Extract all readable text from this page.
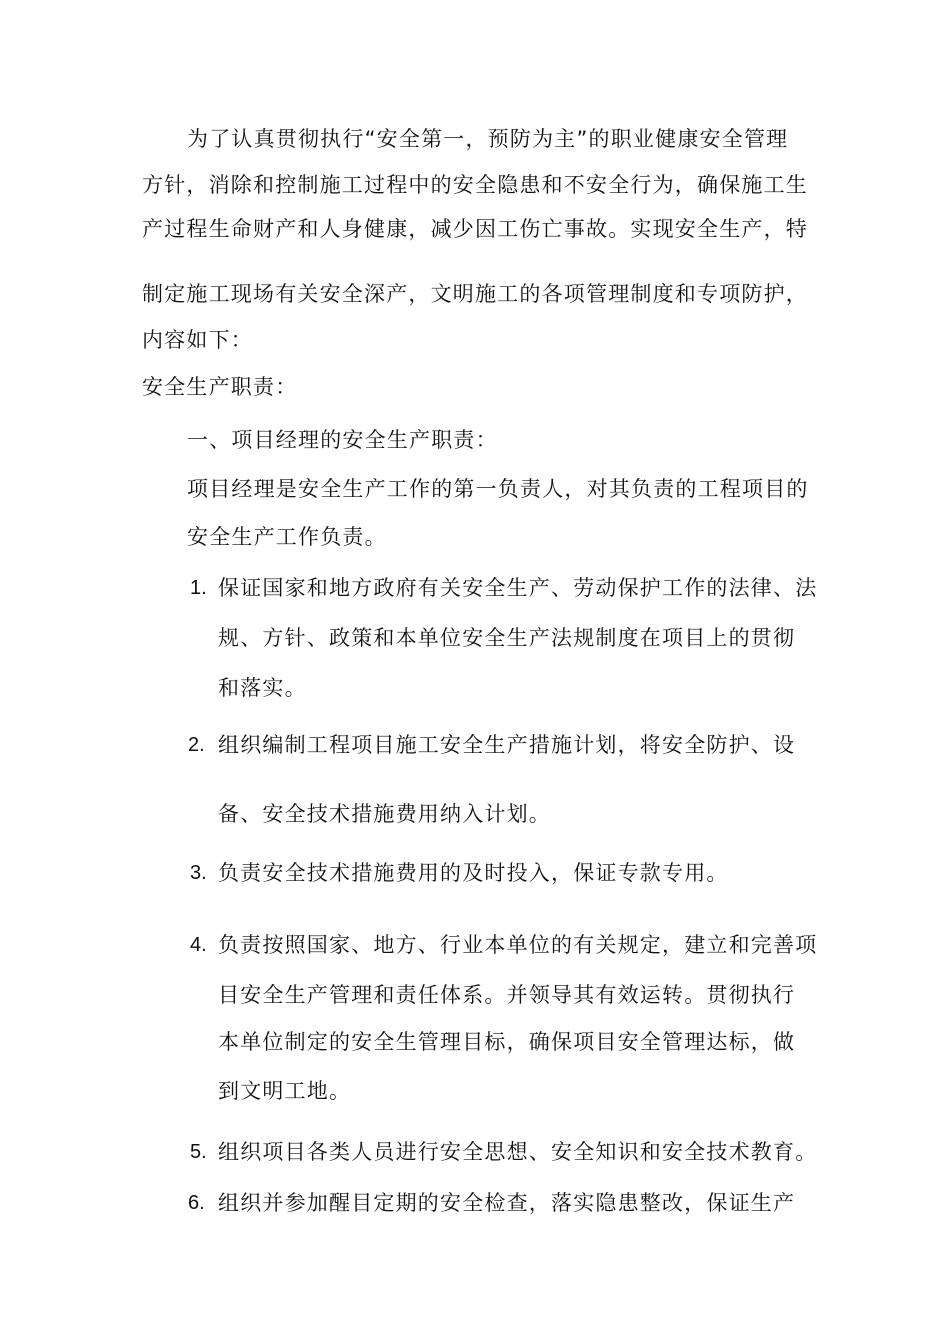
为了认真贯彻执行“安全第一，预防为主”的职业健康安全管理
方针，消除和控制施工过程中的安全隐患和不安全行为，确保施工生
产过程生命财产和人身健康，减少因工伤亡事故。实现安全生产，特
制定施工现场有关安全深产，文明施工的各项管理制度和专项防护，
内容如下：
安全生产职责：
一、项目经理的安全生产职责：
项目经理是安全生产工作的第一负责人，对其负责的工程项目的
安全生产工作负责。
1. 保证国家和地方政府有关安全生产、劳动保护工作的法律、法
规、方针、政策和本单位安全生产法规制度在项目上的贯彻
和落实。
2. 组织编制工程项目施工安全生产措施计划，将安全防护、设
备、安全技术措施费用纳入计划。
3. 负责安全技术措施费用的及时投入，保证专款专用。
4. 负责按照国家、地方、行业本单位的有关规定，建立和完善项
目安全生产管理和责任体系。并领导其有效运转。贯彻执行
本单位制定的安全生管理目标，确保项目安全管理达标，做
到文明工地。
5. 组织项目各类人员进行安全思想、安全知识和安全技术教育。
6. 组织并参加醒目定期的安全检查，落实隐患整改，保证生产
